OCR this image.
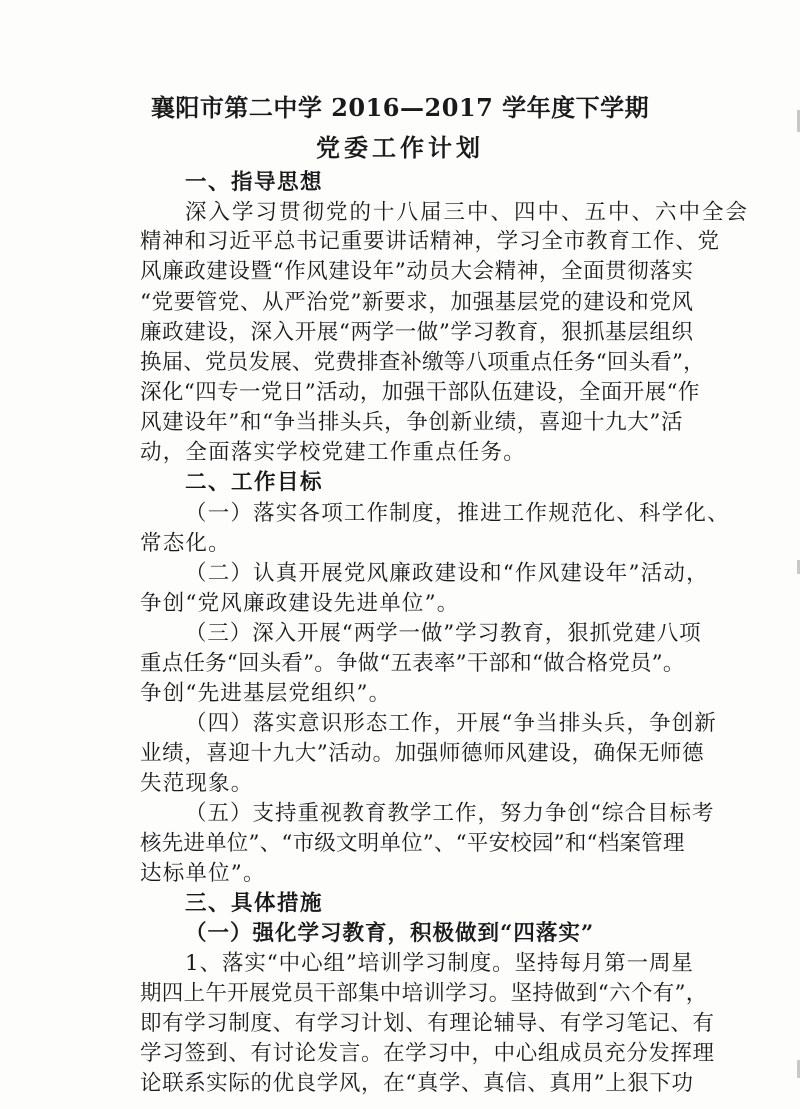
襄阳市第二中学 2016—2017 学年度下学期
党委工作计划
一、指导思想
深入学习贯彻党的十八届三中、四中、五中、六中全会
精神和习近平总书记重要讲话精神，学习全市教育工作、党
风廉政建设暨“作风建设年”动员大会精神，全面贯彻落实
“党要管党、从严治党”新要求，加强基层党的建设和党风
廉政建设，深入开展“两学一做”学习教育，狠抓基层组织
换届、党员发展、党费排查补缴等八项重点任务“回头看”，
深化“四专一党日”活动，加强干部队伍建设，全面开展“作
风建设年”和“争当排头兵，争创新业绩，喜迎十九大”活
动，全面落实学校党建工作重点任务。
二、工作目标
（一）落实各项工作制度，推进工作规范化、科学化、
常态化。
（二）认真开展党风廉政建设和“作风建设年”活动，
争创“党风廉政建设先进单位”。
（三）深入开展“两学一做”学习教育，狠抓党建八项
重点任务“回头看”。争做“五表率”干部和“做合格党员”。
争创“先进基层党组织”。
（四）落实意识形态工作，开展“争当排头兵，争创新
业绩，喜迎十九大”活动。加强师德师风建设，确保无师德
失范现象。
（五）支持重视教育教学工作，努力争创“综合目标考
核先进单位”、“市级文明单位”、“平安校园”和“档案管理
达标单位”。
三、具体措施
（一）强化学习教育，积极做到“四落实”
1、落实“中心组”培训学习制度。坚持每月第一周星
期四上午开展党员干部集中培训学习。坚持做到“六个有”，
即有学习制度、有学习计划、有理论辅导、有学习笔记、有
学习签到、有讨论发言。在学习中，中心组成员充分发挥理
论联系实际的优良学风，在“真学、真信、真用”上狠下功
